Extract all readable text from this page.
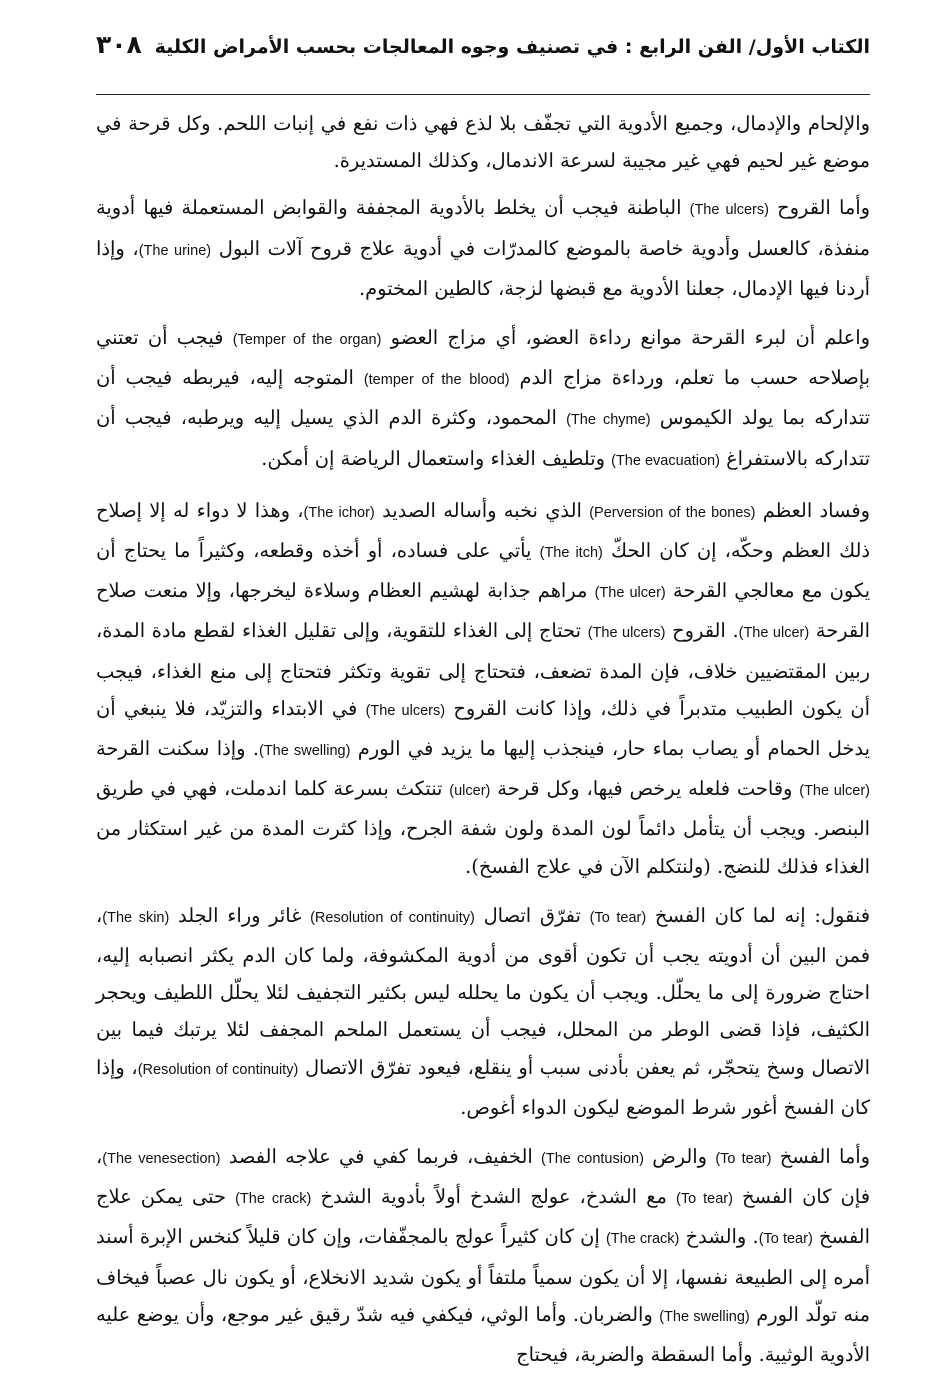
٣٠٨ الكتاب الأول/ الفن الرابع : في تصنيف وجوه المعالجات بحسب الأمراض الكلية

والإلحام والإدمال، وجميع الأدوية التي تجفّف بلا لذع فهي ذات نفع في إنبات اللحم. وكل قرحة في موضع غير لحيم فهي غير مجيبة لسرعة الاندمال، وكذلك المستديرة.

وأما القروح (The ulcers) الباطنة فيجب أن يخلط بالأدوية المجففة والقوابض المستعملة فيها أدوية منفذة، كالعسل وأدوية خاصة بالموضع كالمدرّات في أدوية علاج قروح آلات البول (The urine)، وإذا أردنا فيها الإدمال، جعلنا الأدوية مع قبضها لزجة، كالطين المختوم.

واعلم أن لبرء القرحة موانع رداءة العضو، أي مزاج العضو (Temper of the organ) فيجب أن تعتني بإصلاحه حسب ما تعلم، ورداءة مزاج الدم (temper of the blood) المتوجه إليه، فيربطه فيجب أن تتداركه بما يولد الكيموس (The chyme) المحمود، وكثرة الدم الذي يسيل إليه ويرطبه، فيجب أن تتداركه بالاستفراغ (The evacuation) وتلطيف الغذاء واستعمال الرياضة إن أمكن.

وفساد العظم (Perversion of the bones) الذي نخبه وأساله الصديد (The ichor)، وهذا لا دواء له إلا إصلاح ذلك العظم وحكّه، إن كان الحكّ (The itch) يأتي على فساده، أو أخذه وقطعه، وكثيراً ما يحتاج أن يكون مع معالجي القرحة (The ulcer) مراهم جذابة لهشيم العظام وسلاءة ليخرجها، وإلا منعت صلاح القرحة (The ulcer). القروح (The ulcers) تحتاج إلى الغذاء للتقوية، وإلى تقليل الغذاء لقطع مادة المدة، ربين المقتضيين خلاف، فإن المدة تضعف، فتحتاج إلى تقوية وتكثر فتحتاج إلى منع الغذاء، فيجب أن يكون الطبيب متدبراً في ذلك، وإذا كانت القروح (The ulcers) في الابتداء والتزيّد، فلا ينبغي أن يدخل الحمام أو يصاب بماء حار، فينجذب إليها ما يزيد في الورم (The swelling). وإذا سكنت القرحة (The ulcer) وقاحت فلعله يرخص فيها، وكل قرحة (ulcer) تنتكث بسرعة كلما اندملت، فهي في طريق البنصر. ويجب أن يتأمل دائماً لون المدة ولون شفة الجرح، وإذا كثرت المدة من غير استكثار من الغذاء فذلك للنضج. (ولنتكلم الآن في علاج الفسخ).

فنقول: إنه لما كان الفسخ (To tear) تفرّق اتصال (Resolution of continuity) غائر وراء الجلد (The skin)، فمن البين أن أدويته يجب أن تكون أقوى من أدوية المكشوفة، ولما كان الدم يكثر انصبابه إليه، احتاج ضرورة إلى ما يحلّل. ويجب أن يكون ما يحلله ليس بكثير التجفيف لئلا يحلّل اللطيف ويحجر الكثيف، فإذا قضى الوطر من المحلل، فيجب أن يستعمل الملحم المجفف لئلا يرتبك فيما بين الاتصال وسخ يتحجّر، ثم يعفن بأدنى سبب أو ينقلع، فيعود تفرّق الاتصال (Resolution of continuity)، وإذا كان الفسخ أغور شرط الموضع ليكون الدواء أغوص.

وأما الفسخ (To tear) والرض (The contusion) الخفيف، فربما كفي في علاجه الفصد (The venesection)، فإن كان الفسخ (To tear) مع الشدخ، عولج الشدخ أولاً بأدوية الشدخ (The crack) حتى يمكن علاج الفسخ (To tear). والشدخ (The crack) إن كان كثيراً عولج بالمجفّفات، وإن كان قليلاً كنخس الإبرة أسند أمره إلى الطبيعة نفسها، إلا أن يكون سمياً ملتفاً أو يكون شديد الانخلاع، أو يكون نال عصباً فيخاف منه تولّد الورم (The swelling) والضربان. وأما الوثي، فيكفي فيه شدّ رقيق غير موجع، وأن يوضع عليه الأدوية الوثيية. وأما السقطة والضربة، فيحتاج
